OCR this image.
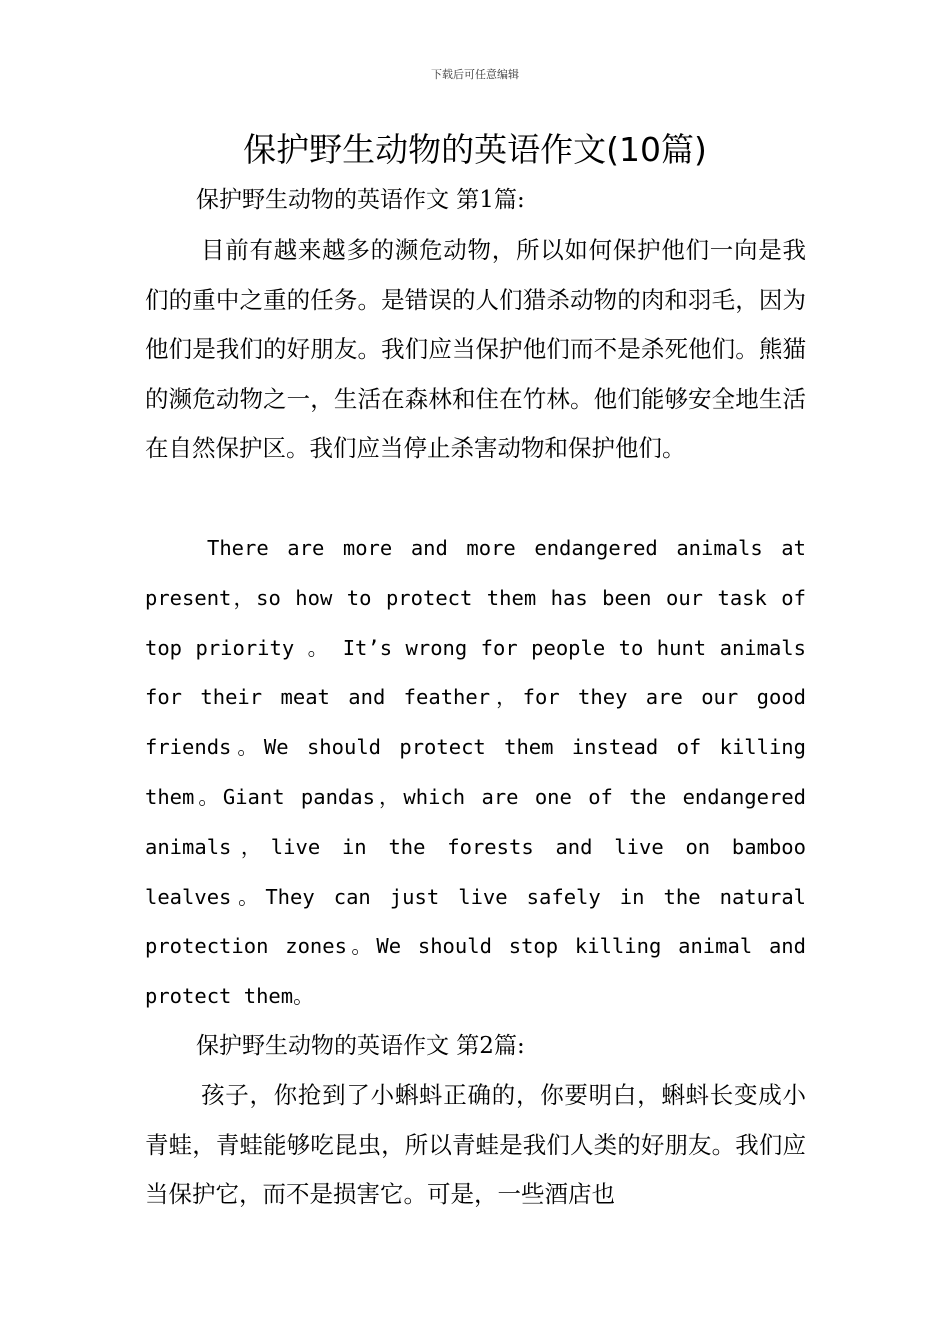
下载后可任意编辑
保护野生动物的英语作文(10篇)
保护野生动物的英语作文 第1篇:

目前有越来越多的濒危动物，所以如何保护他们一向是我们的重中之重的任务。是错误的人们猎杀动物的肉和羽毛，因为他们是我们的好朋友。我们应当保护他们而不是杀死他们。熊猫的濒危动物之一，生活在森林和住在竹林。他们能够安全地生活在自然保护区。我们应当停止杀害动物和保护他们。

There are more and more endangered animals at present，so how to protect them has been our task of top priority 。 It’s wrong for people to hunt animals for their meat and feather，for they are our good friends。We should protect them instead of killing them。Giant pandas，which are one of the endangered animals，live in the forests and live on bamboo lealves。They can just live safely in the natural protection zones。We should stop killing animal and protect them。

保护野生动物的英语作文 第2篇:

孩子，你抢到了小蝌蚪正确的，你要明白，蝌蚪长变成小青蛙，青蛙能够吃昆虫，所以青蛙是我们人类的好朋友。我们应当保护它，而不是损害它。可是，一些酒店也
